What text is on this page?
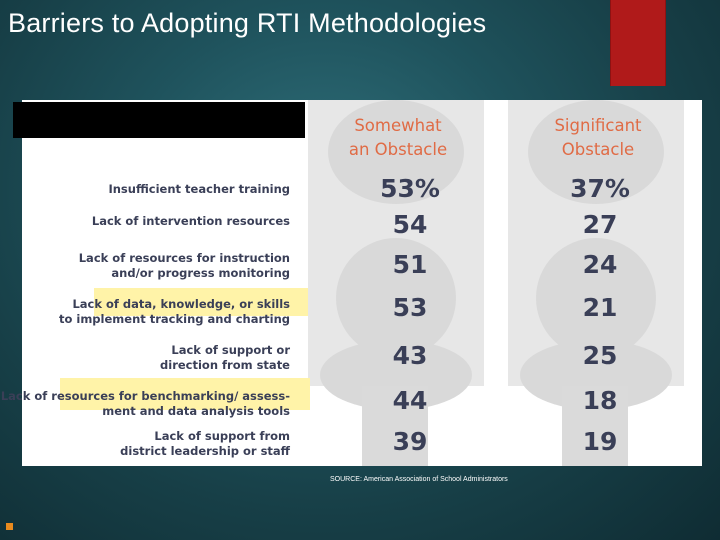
Barriers to Adopting RTI Methodologies
Somewhat
an Obstacle
Significant
Obstacle
Insufficient teacher training	53%	37%
Lack of intervention resources	54	27
Lack of resources for instruction
and/or progress monitoring	51	24
Lack of data, knowledge, or skills
to implement tracking and charting	53	21
Lack of support or
direction from state	43	25
Lack of resources for benchmarking/ assess-
ment and data analysis tools	44	18
Lack of support from
district leadership or staff	39	19
SOURCE: American Association of School Administrators
